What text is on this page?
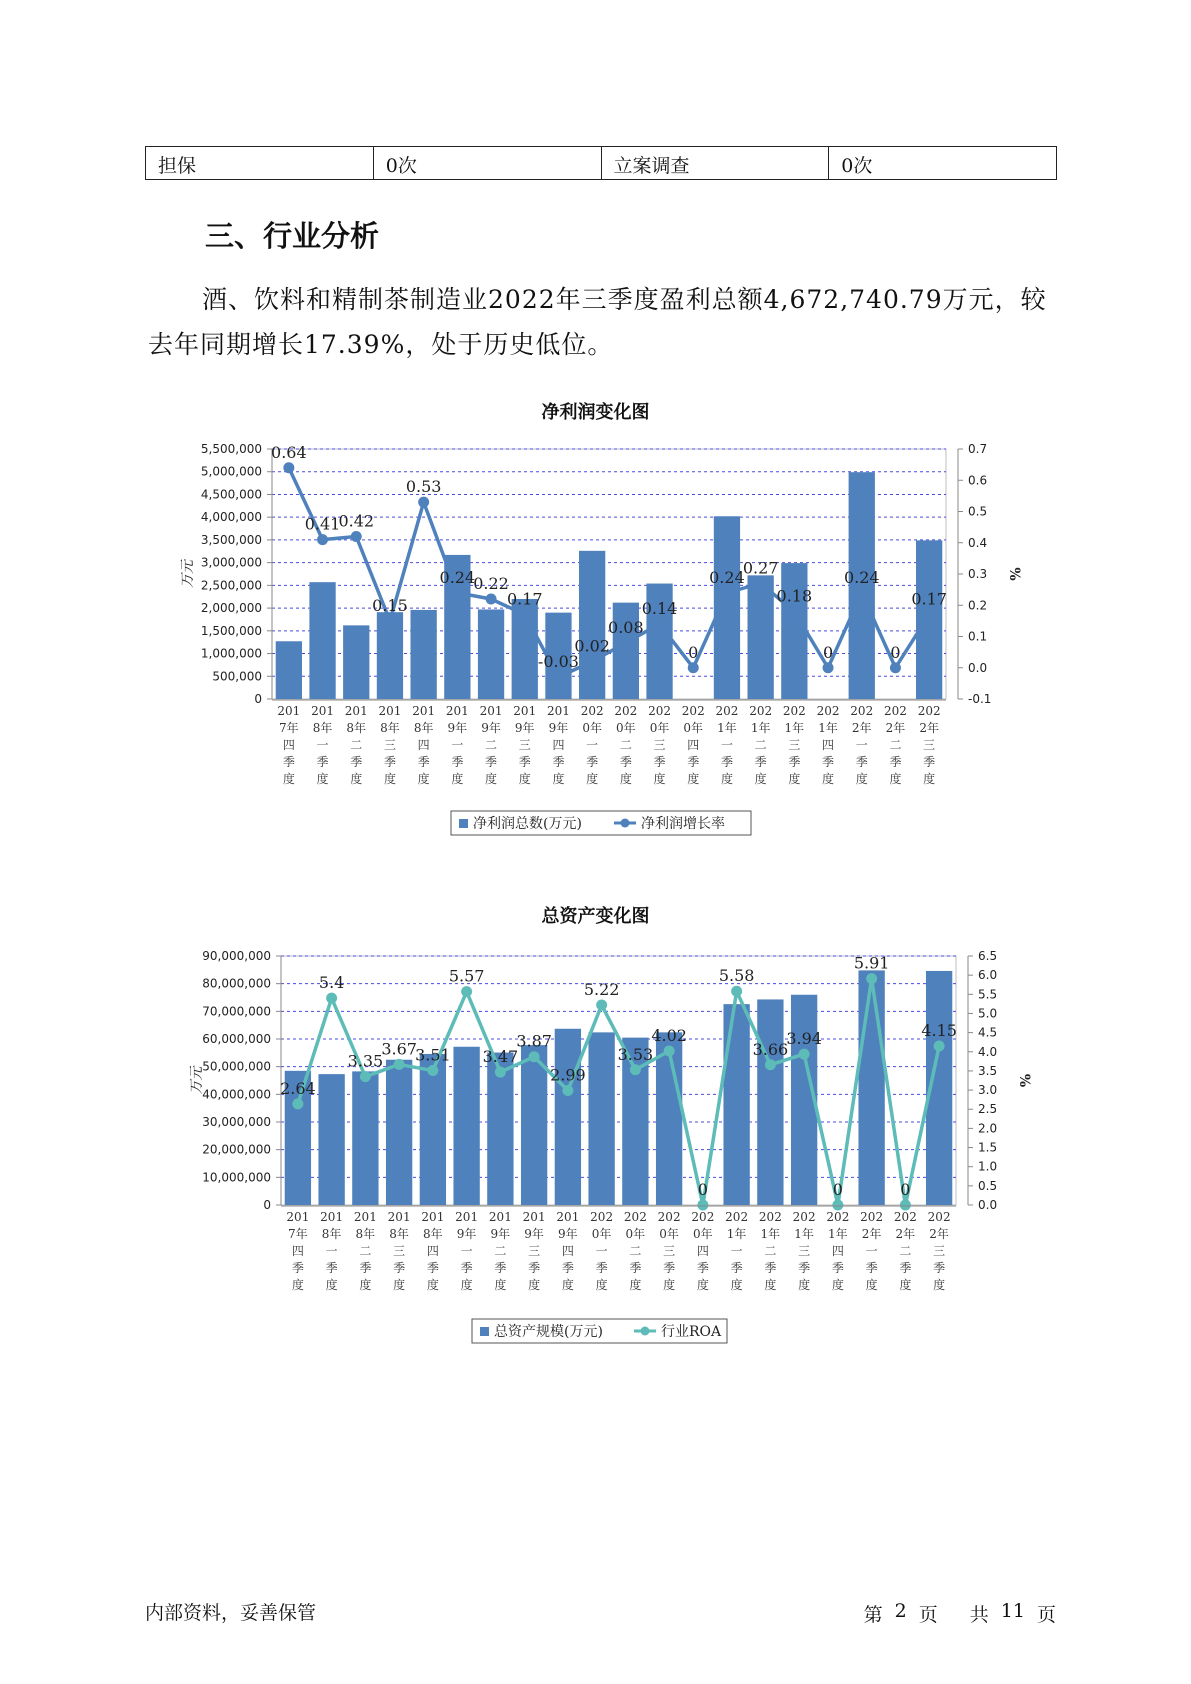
担保	0次	立案调查	0次
三、行业分析

酒、饮料和精制茶制造业2022年三季度盈利总额4,672,740.79万元，较去年同期增长17.39%，处于历史低位。

净利润变化图
0
500,000
1,000,000
1,500,000
2,000,000
2,500,000
3,000,000
3,500,000
4,000,000
4,500,000
5,000,000
5,500,000
-0.1
0.0
0.1
0.2
0.3
0.4
0.5
0.6
0.7
万元	%
0.64
0.41
0.42
0.15
0.53
0.24
0.22
0.17
-0.03
0.02
0.08
0.14
0
0.24
0.27
0.18
0
0.24
0
0.17
201 7年四季度
201 8年一季度
201 8年二季度
201 8年三季度
201 8年四季度
201 9年一季度
201 9年二季度
201 9年三季度
201 9年四季度
202 0年一季度
202 0年二季度
202 0年三季度
202 0年四季度
202 1年一季度
202 1年二季度
202 1年三季度
202 1年四季度
202 2年一季度
202 2年二季度
202 2年三季度
净利润总数(万元)	净利润增长率
总资产变化图
0
10,000,000
20,000,000
30,000,000
40,000,000
50,000,000
60,000,000
70,000,000
80,000,000
90,000,000
0.0
0.5
1.0
1.5
2.0
2.5
3.0
3.5
4.0
4.5
5.0
5.5
6.0
6.5
万元	%
2.64
5.4
3.35
3.67
3.51
5.57
3.47
3.87
2.99
5.22
3.53
4.02
0
5.58
3.66
3.94
0
5.91
0
4.15
201 7年四季度
201 8年一季度
201 8年二季度
201 8年三季度
201 8年四季度
201 9年一季度
201 9年二季度
201 9年三季度
201 9年四季度
202 0年一季度
202 0年二季度
202 0年三季度
202 0年四季度
202 1年一季度
202 1年二季度
202 1年三季度
202 1年四季度
202 2年一季度
202 2年二季度
202 2年三季度
总资产规模(万元)	行业ROA
内部资料，妥善保管	第 2 页 共 11 页
